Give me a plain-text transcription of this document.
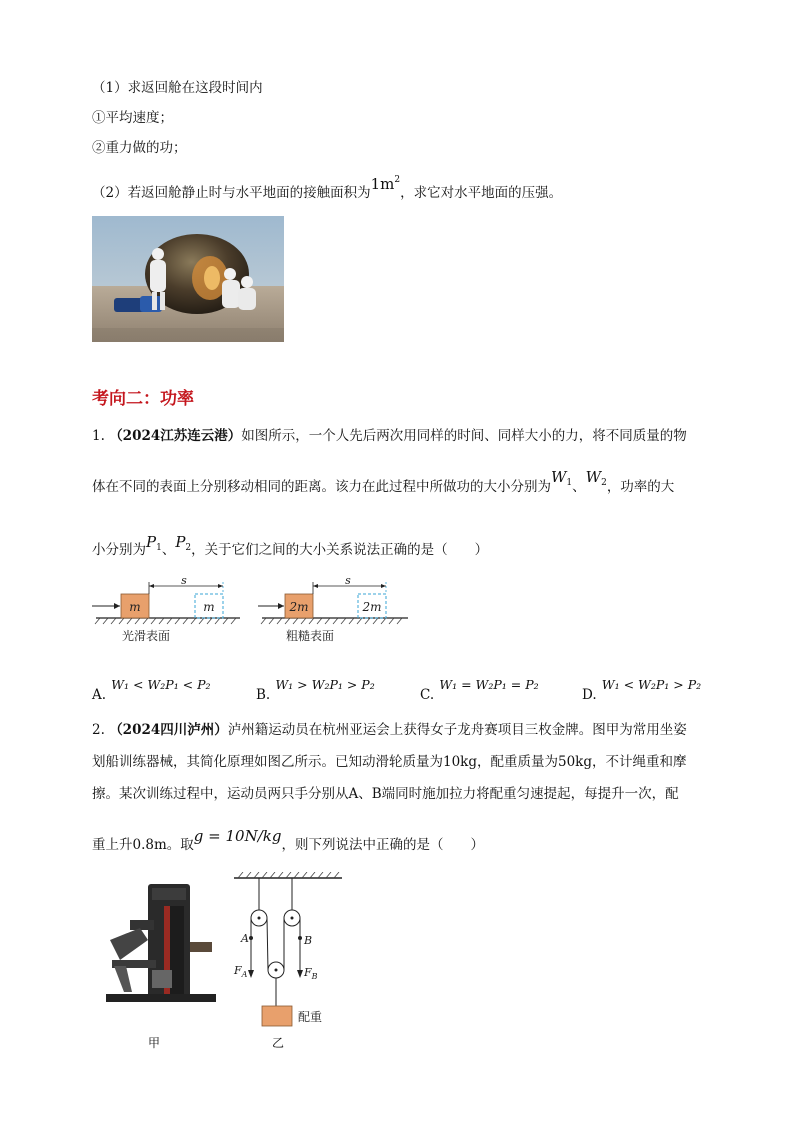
（1）求返回舱在这段时间内
①平均速度；
②重力做的功；
（2）若返回舱静止时与水平地面的接触面积为$1m^2$，求它对水平地面的压强。
考向二：功率
1. （2024江苏连云港）如图所示，一个人先后两次用同样的时间、同样大小的力，将不同质量的物
体在不同的表面上分别移动相同的距离。该力在此过程中所做功的大小分别为$W_1$、$W_2$，功率的大
小分别为$P_1$、$P_2$，关于它们之间的大小关系说法正确的是（　　）
m
s
m
光滑表面
2m
s
2m
粗糙表面
$_{A.}$ W₁ < W₂P₁ < P₂
$_{B.}$ W₁ > W₂P₁ > P₂
$_{C.}$ W₁ = W₂P₁ = P₂
$_{D.}$ W₁ < W₂P₁ > P₂
2. （2024四川泸州）泸州籍运动员在杭州亚运会上获得女子龙舟赛项目三枚金牌。图甲为常用坐姿
划船训练器械，其简化原理如图乙所示。已知动滑轮质量为10kg，配重质量为50kg，不计绳重和摩
擦。某次训练过程中，运动员两只手分别从A、B端同时施加拉力将配重匀速提起，每提升一次，配
重上升0.8m。取g = 10N/kg，则下列说法中正确的是（　　）
甲
A	B
$F_A$	$F_B$
配重
乙
